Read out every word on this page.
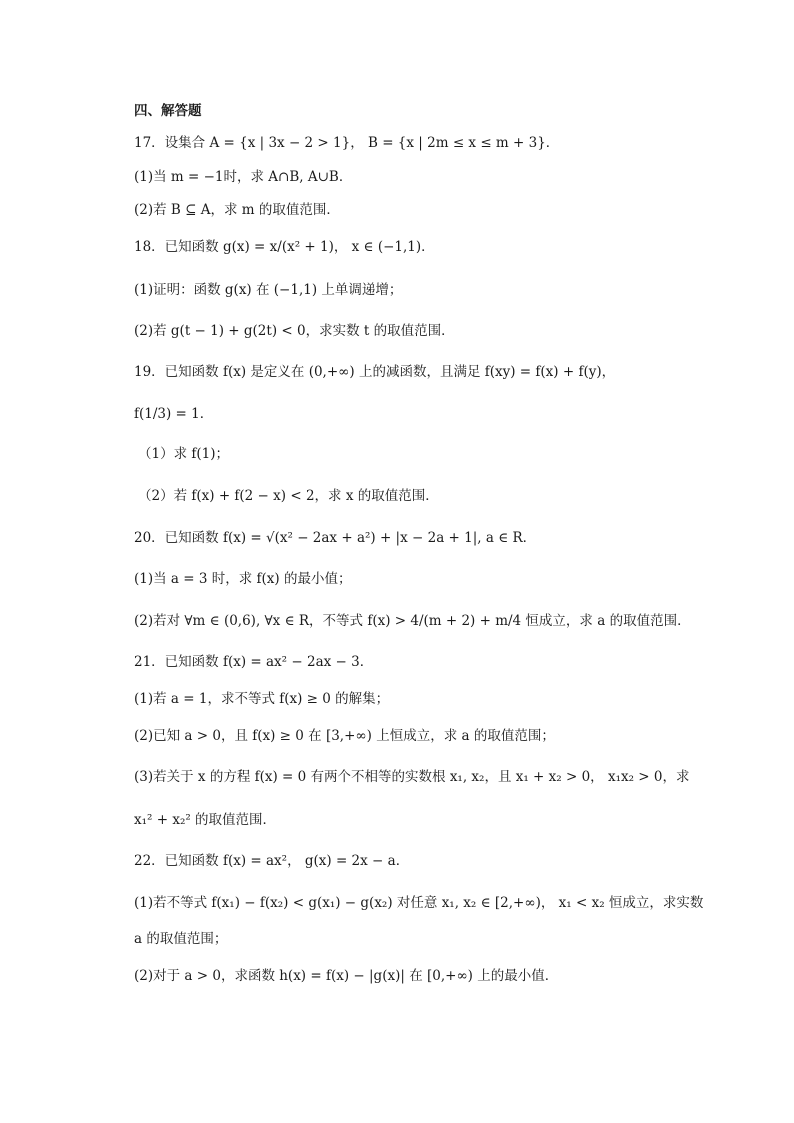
四、解答题
17．设集合 A = {x | 3x − 2 > 1}， B = {x | 2m ≤ x ≤ m + 3}．
(1)当 m = −1时，求 A∩B, A∪B．
(2)若 B ⊆ A，求 m 的取值范围．
18．已知函数 g(x) = x/(x² + 1)， x ∈ (−1,1)．
(1)证明：函数 g(x) 在 (−1,1) 上单调递增；
(2)若 g(t − 1) + g(2t) < 0，求实数 t 的取值范围．
19．已知函数 f(x) 是定义在 (0,+∞) 上的减函数，且满足 f(xy) = f(x) + f(y)，
f(1/3) = 1．
（1）求 f(1)；
（2）若 f(x) + f(2 − x) < 2，求 x 的取值范围．
20．已知函数 f(x) = √(x² − 2ax + a²) + |x − 2a + 1|, a ∈ R．
(1)当 a = 3 时，求 f(x) 的最小值；
(2)若对 ∀m ∈ (0,6), ∀x ∈ R，不等式 f(x) > 4/(m + 2) + m/4 恒成立，求 a 的取值范围．
21．已知函数 f(x) = ax² − 2ax − 3．
(1)若 a = 1，求不等式 f(x) ≥ 0 的解集；
(2)已知 a > 0，且 f(x) ≥ 0 在 [3,+∞) 上恒成立，求 a 的取值范围；
(3)若关于 x 的方程 f(x) = 0 有两个不相等的实数根 x₁, x₂，且 x₁ + x₂ > 0， x₁x₂ > 0，求
x₁² + x₂² 的取值范围．
22．已知函数 f(x) = ax²， g(x) = 2x − a．
(1)若不等式 f(x₁) − f(x₂) < g(x₁) − g(x₂) 对任意 x₁, x₂ ∈ [2,+∞)， x₁ < x₂ 恒成立，求实数
a 的取值范围；
(2)对于 a > 0，求函数 h(x) = f(x) − |g(x)| 在 [0,+∞) 上的最小值．
